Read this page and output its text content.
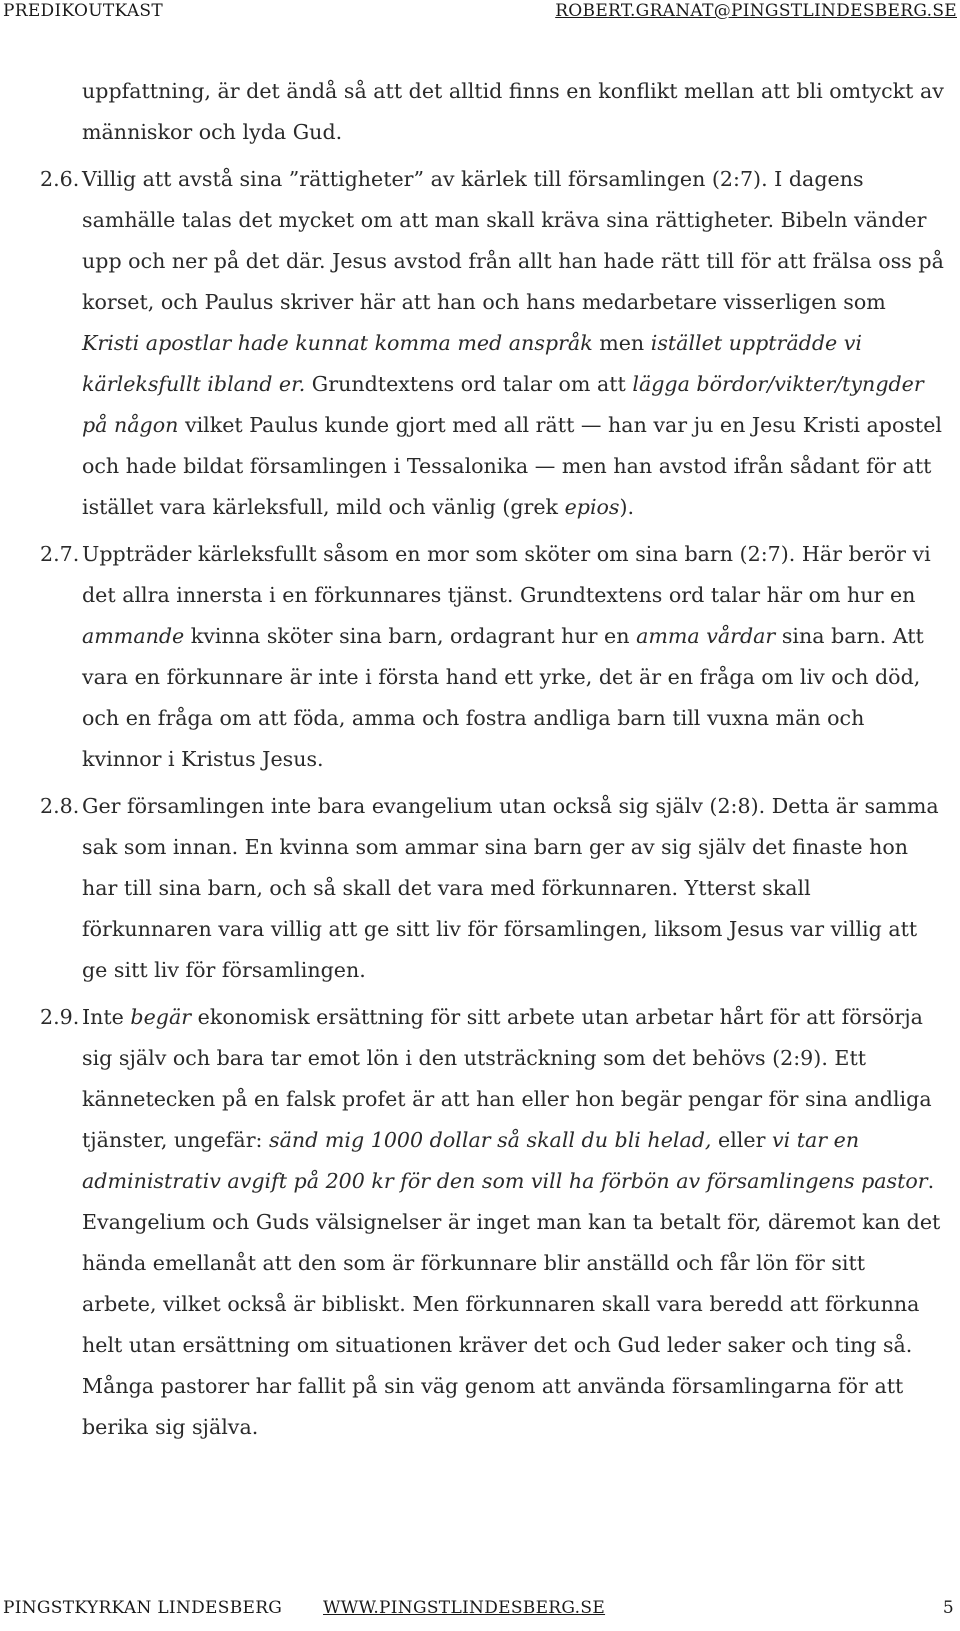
PREDIKOUTKAST	ROBERT.GRANAT@PINGSTLINDESBERG.SE

uppfattning, är det ändå så att det alltid finns en konflikt mellan att bli omtyckt av människor och lyda Gud.

2.6. Villig att avstå sina ”rättigheter” av kärlek till församlingen (2:7). I dagens samhälle talas det mycket om att man skall kräva sina rättigheter. Bibeln vänder upp och ner på det där. Jesus avstod från allt han hade rätt till för att frälsa oss på korset, och Paulus skriver här att han och hans medarbetare visserligen som Kristi apostlar hade kunnat komma med anspråk men istället uppträdde vi kärleksfullt ibland er. Grundtextens ord talar om att lägga bördor/vikter/tyngder på någon vilket Paulus kunde gjort med all rätt — han var ju en Jesu Kristi apostel och hade bildat församlingen i Tessalonika — men han avstod ifrån sådant för att istället vara kärleksfull, mild och vänlig (grek epios).

2.7. Uppträder kärleksfullt såsom en mor som sköter om sina barn (2:7). Här berör vi det allra innersta i en förkunnares tjänst. Grundtextens ord talar här om hur en ammande kvinna sköter sina barn, ordagrant hur en amma vårdar sina barn. Att vara en förkunnare är inte i första hand ett yrke, det är en fråga om liv och död, och en fråga om att föda, amma och fostra andliga barn till vuxna män och kvinnor i Kristus Jesus.

2.8. Ger församlingen inte bara evangelium utan också sig själv (2:8). Detta är samma sak som innan. En kvinna som ammar sina barn ger av sig själv det finaste hon har till sina barn, och så skall det vara med förkunnaren. Ytterst skall förkunnaren vara villig att ge sitt liv för församlingen, liksom Jesus var villig att ge sitt liv för församlingen.

2.9. Inte begär ekonomisk ersättning för sitt arbete utan arbetar hårt för att försörja sig själv och bara tar emot lön i den utsträckning som det behövs (2:9). Ett kännetecken på en falsk profet är att han eller hon begär pengar för sina andliga tjänster, ungefär: sänd mig 1000 dollar så skall du bli helad, eller vi tar en administrativ avgift på 200 kr för den som vill ha förbön av församlingens pastor. Evangelium och Guds välsignelser är inget man kan ta betalt för, däremot kan det hända emellanåt att den som är förkunnare blir anställd och får lön för sitt arbete, vilket också är bibliskt. Men förkunnaren skall vara beredd att förkunna helt utan ersättning om situationen kräver det och Gud leder saker och ting så. Många pastorer har fallit på sin väg genom att använda församlingarna för att berika sig själva.

PINGSTKYRKAN LINDESBERG WWW.PINGSTLINDESBERG.SE	5
